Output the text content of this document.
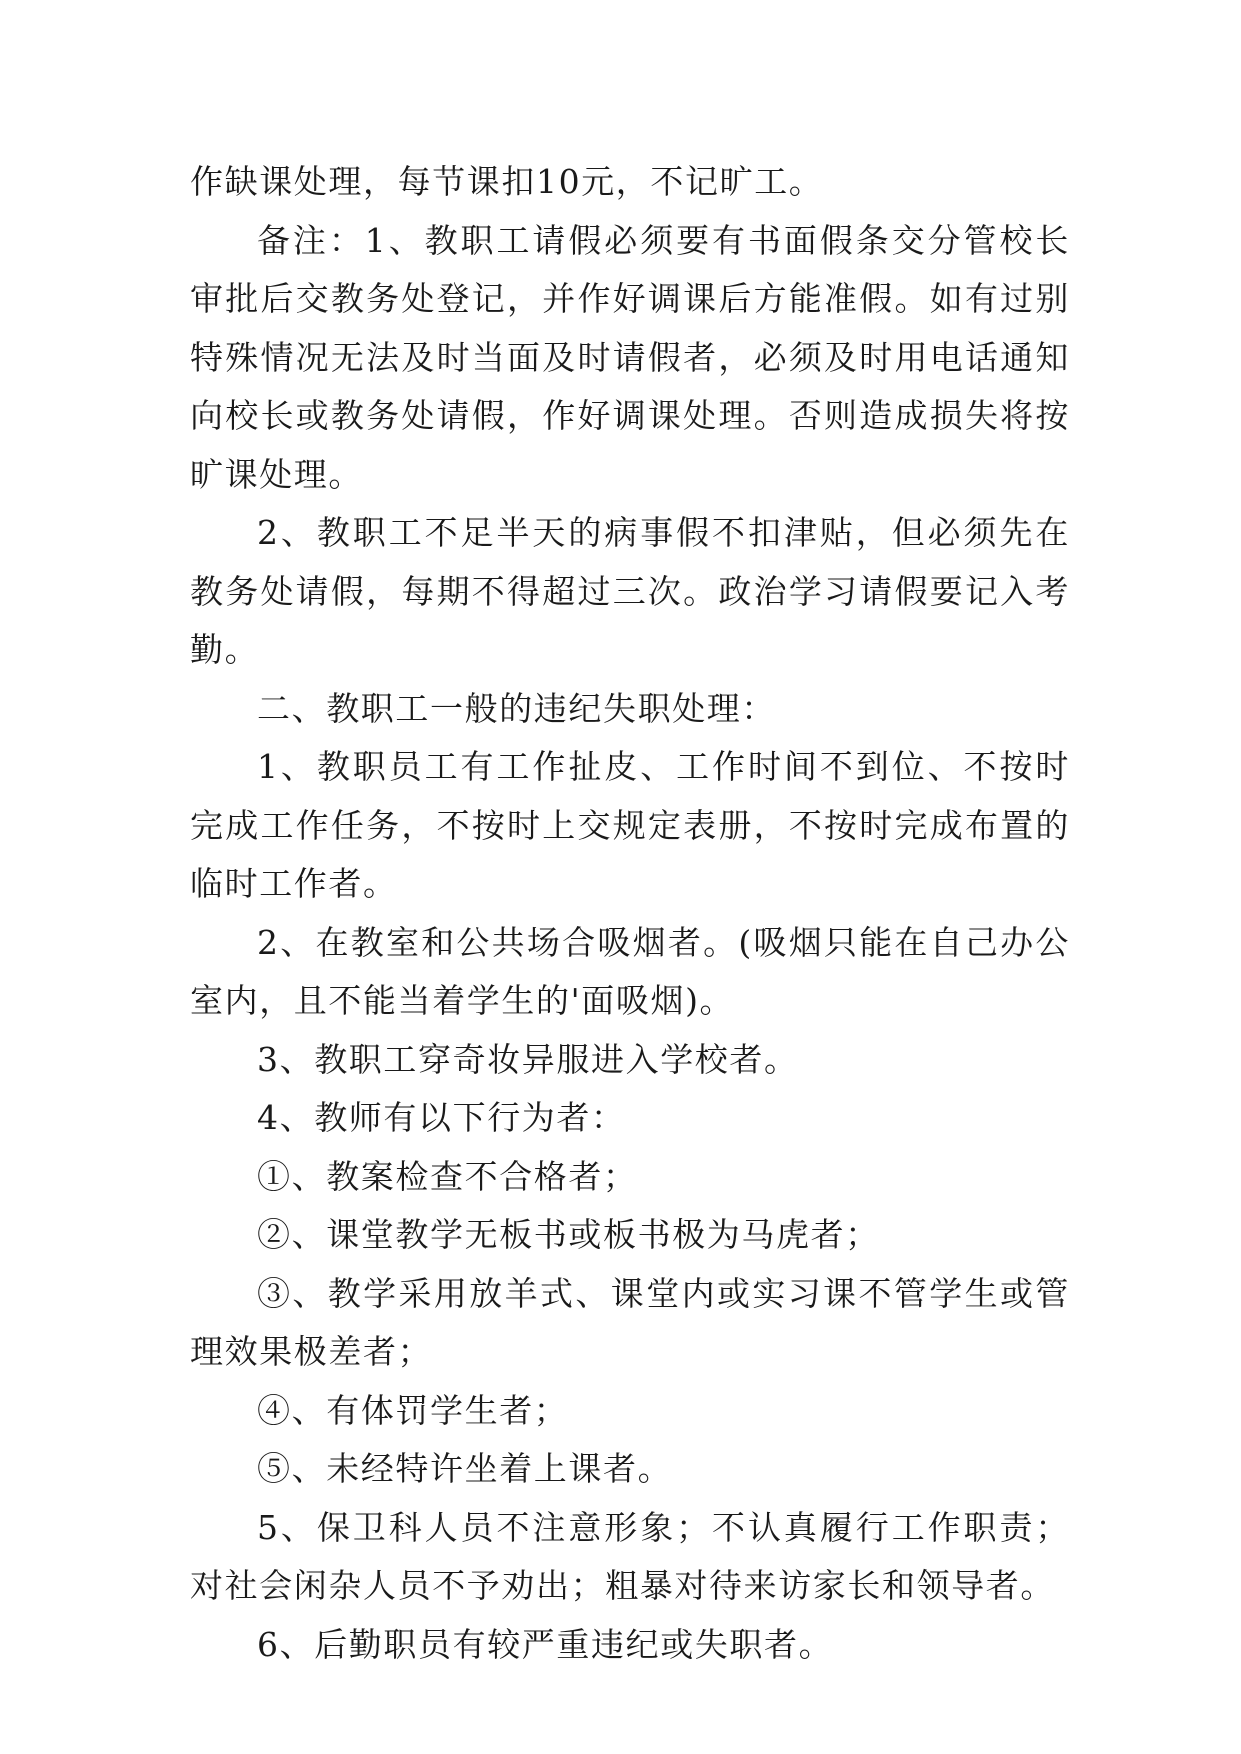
作缺课处理，每节课扣10元，不记旷工。

备注：1、教职工请假必须要有书面假条交分管校长审批后交教务处登记，并作好调课后方能准假。如有过别特殊情况无法及时当面及时请假者，必须及时用电话通知向校长或教务处请假，作好调课处理。否则造成损失将按旷课处理。

2、教职工不足半天的病事假不扣津贴，但必须先在教务处请假，每期不得超过三次。政治学习请假要记入考勤。

二、教职工一般的违纪失职处理：

1、教职员工有工作扯皮、工作时间不到位、不按时完成工作任务，不按时上交规定表册，不按时完成布置的临时工作者。

2、在教室和公共场合吸烟者。(吸烟只能在自己办公室内，且不能当着学生的'面吸烟)。

3、教职工穿奇妆异服进入学校者。

4、教师有以下行为者：

①、教案检查不合格者；

②、课堂教学无板书或板书极为马虎者；

③、教学采用放羊式、课堂内或实习课不管学生或管理效果极差者；

④、有体罚学生者；

⑤、未经特许坐着上课者。

5、保卫科人员不注意形象；不认真履行工作职责；对社会闲杂人员不予劝出；粗暴对待来访家长和领导者。

6、后勤职员有较严重违纪或失职者。
